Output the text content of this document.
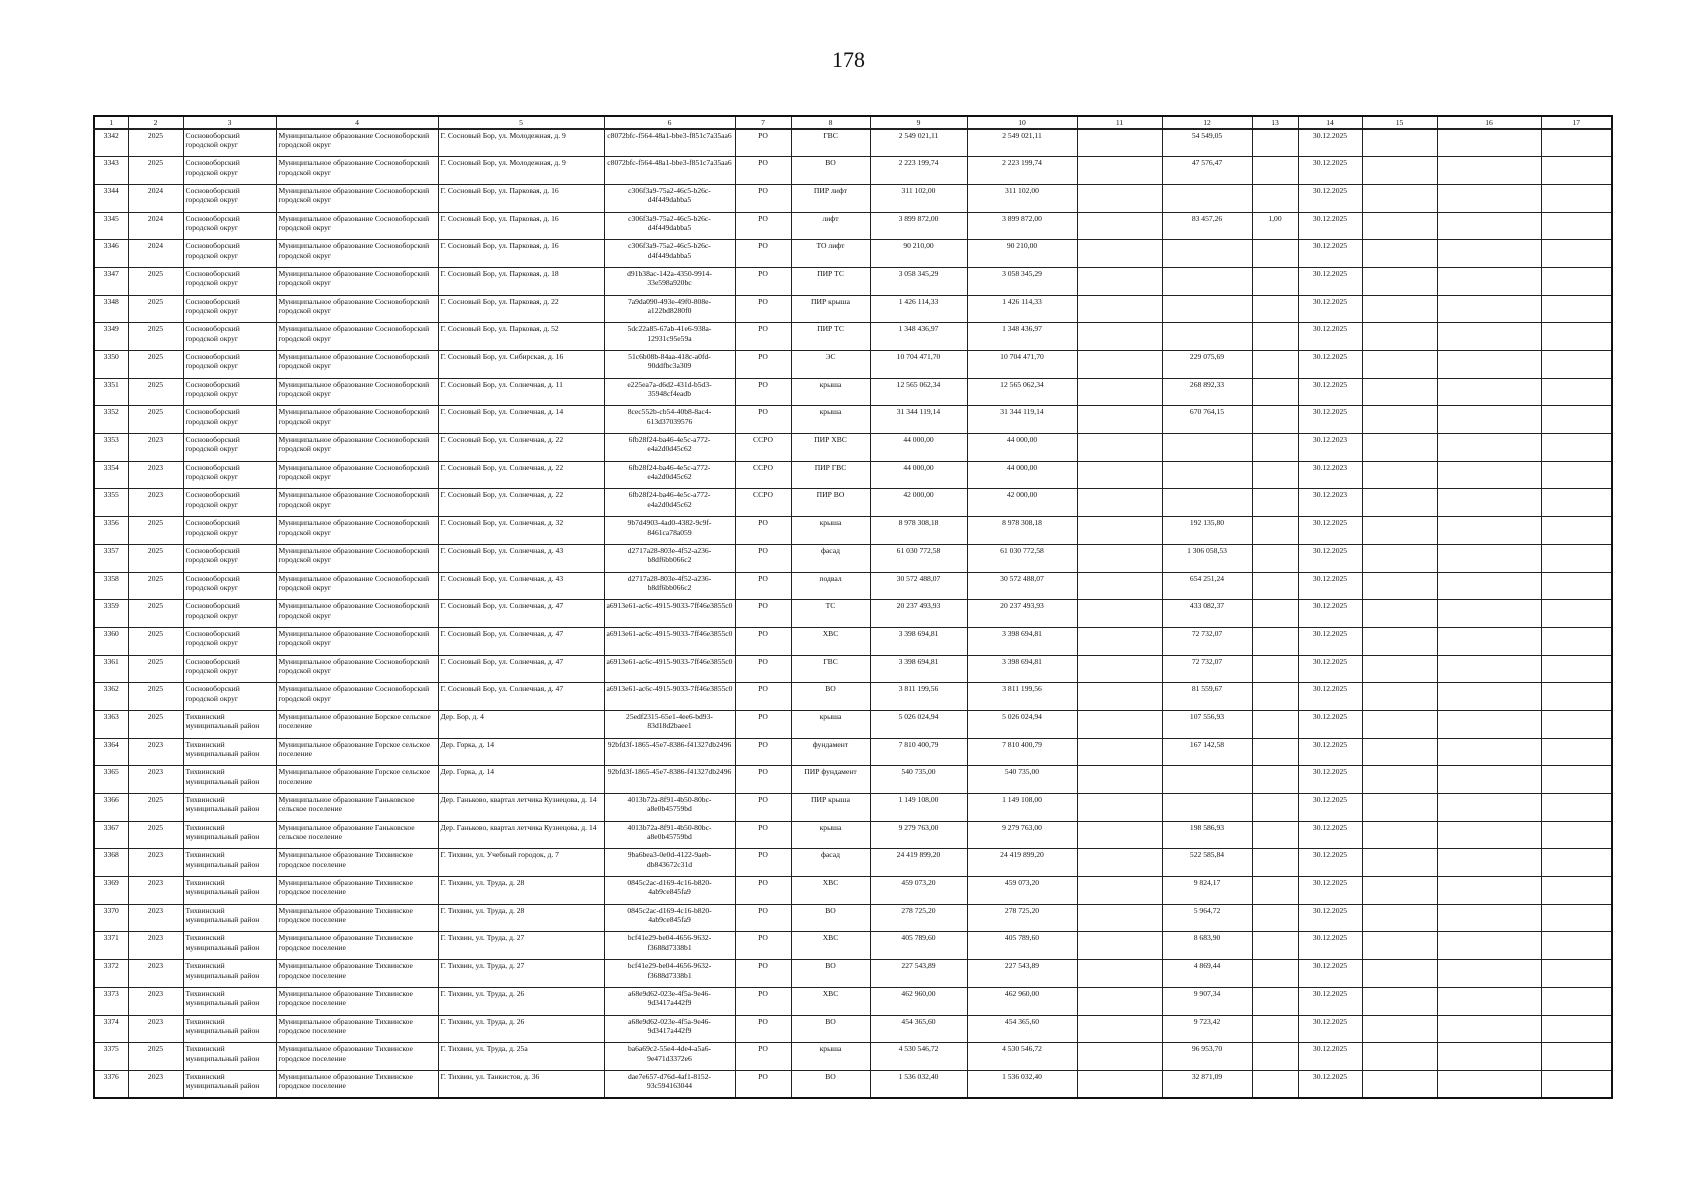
178
1	2	3	4	5	6	7	8	9	10	11	12	13	14	15	16	17
3342	2025	Сосновоборский городской округ	Муниципальное образование Сосновоборский городской округ	Г. Сосновый Бор, ул. Молодежная, д. 9	c8072bfc-f564-48a1-bbe3-f851c7a35aa6	РО	ГВС	2 549 021,11	2 549 021,11		54 549,05		30.12.2025			
3343	2025	Сосновоборский городской округ	Муниципальное образование Сосновоборский городской округ	Г. Сосновый Бор, ул. Молодежная, д. 9	c8072bfc-f564-48a1-bbe3-f851c7a35aa6	РО	ВО	2 223 199,74	2 223 199,74		47 576,47		30.12.2025			
3344	2024	Сосновоборский городской округ	Муниципальное образование Сосновоборский городской округ	Г. Сосновый Бор, ул. Парковая, д. 16	c306f3a9-75a2-46c5-b26c-d4f449dabba5	РО	ПИР лифт	311 102,00	311 102,00				30.12.2025			
3345	2024	Сосновоборский городской округ	Муниципальное образование Сосновоборский городской округ	Г. Сосновый Бор, ул. Парковая, д. 16	c306f3a9-75a2-46c5-b26c-d4f449dabba5	РО	лифт	3 899 872,00	3 899 872,00		83 457,26	1,00	30.12.2025			
3346	2024	Сосновоборский городской округ	Муниципальное образование Сосновоборский городской округ	Г. Сосновый Бор, ул. Парковая, д. 16	c306f3a9-75a2-46c5-b26c-d4f449dabba5	РО	ТО лифт	90 210,00	90 210,00				30.12.2025			
3347	2025	Сосновоборский городской округ	Муниципальное образование Сосновоборский городской округ	Г. Сосновый Бор, ул. Парковая, д. 18	d91b38ac-142a-4350-9914-33e598a920bc	РО	ПИР ТС	3 058 345,29	3 058 345,29				30.12.2025			
3348	2025	Сосновоборский городской округ	Муниципальное образование Сосновоборский городской округ	Г. Сосновый Бор, ул. Парковая, д. 22	7a9da090-493e-49f0-808e-a122bd8280f0	РО	ПИР крыша	1 426 114,33	1 426 114,33				30.12.2025			
3349	2025	Сосновоборский городской округ	Муниципальное образование Сосновоборский городской округ	Г. Сосновый Бор, ул. Парковая, д. 52	5dc22a85-67ab-41e6-938a-12931c95e59a	РО	ПИР ТС	1 348 436,97	1 348 436,97				30.12.2025			
3350	2025	Сосновоборский городской округ	Муниципальное образование Сосновоборский городской округ	Г. Сосновый Бор, ул. Сибирская, д. 16	51c6b08b-84aa-418c-a0fd-90ddfbc3a309	РО	ЭС	10 704 471,70	10 704 471,70		229 075,69		30.12.2025			
3351	2025	Сосновоборский городской округ	Муниципальное образование Сосновоборский городской округ	Г. Сосновый Бор, ул. Солнечная, д. 11	e225ea7a-d6d2-431d-b5d3-35948cf4eadb	РО	крыша	12 565 062,34	12 565 062,34		268 892,33		30.12.2025			
3352	2025	Сосновоборский городской округ	Муниципальное образование Сосновоборский городской округ	Г. Сосновый Бор, ул. Солнечная, д. 14	8cec552b-cb54-40b8-8ac4-613d37039576	РО	крыша	31 344 119,14	31 344 119,14		670 764,15		30.12.2025			
3353	2023	Сосновоборский городской округ	Муниципальное образование Сосновоборский городской округ	Г. Сосновый Бор, ул. Солнечная, д. 22	6fb28f24-ba46-4e5c-a772-e4a2d0d45c62	ССРО	ПИР ХВС	44 000,00	44 000,00				30.12.2023			
3354	2023	Сосновоборский городской округ	Муниципальное образование Сосновоборский городской округ	Г. Сосновый Бор, ул. Солнечная, д. 22	6fb28f24-ba46-4e5c-a772-e4a2d0d45c62	ССРО	ПИР ГВС	44 000,00	44 000,00				30.12.2023			
3355	2023	Сосновоборский городской округ	Муниципальное образование Сосновоборский городской округ	Г. Сосновый Бор, ул. Солнечная, д. 22	6fb28f24-ba46-4e5c-a772-e4a2d0d45c62	ССРО	ПИР ВО	42 000,00	42 000,00				30.12.2023			
3356	2025	Сосновоборский городской округ	Муниципальное образование Сосновоборский городской округ	Г. Сосновый Бор, ул. Солнечная, д. 32	9b7d4903-4ad0-4382-9c9f-8461ca78a059	РО	крыша	8 978 308,18	8 978 308,18		192 135,80		30.12.2025			
3357	2025	Сосновоборский городской округ	Муниципальное образование Сосновоборский городской округ	Г. Сосновый Бор, ул. Солнечная, д. 43	d2717a28-803e-4f52-a236-b8df6bb066c2	РО	фасад	61 030 772,58	61 030 772,58		1 306 058,53		30.12.2025			
3358	2025	Сосновоборский городской округ	Муниципальное образование Сосновоборский городской округ	Г. Сосновый Бор, ул. Солнечная, д. 43	d2717a28-803e-4f52-a236-b8df6bb066c2	РО	подвал	30 572 488,07	30 572 488,07		654 251,24		30.12.2025			
3359	2025	Сосновоборский городской округ	Муниципальное образование Сосновоборский городской округ	Г. Сосновый Бор, ул. Солнечная, д. 47	a6913e61-ac6c-4915-9033-7ff46e3855c0	РО	ТС	20 237 493,93	20 237 493,93		433 082,37		30.12.2025			
3360	2025	Сосновоборский городской округ	Муниципальное образование Сосновоборский городской округ	Г. Сосновый Бор, ул. Солнечная, д. 47	a6913e61-ac6c-4915-9033-7ff46e3855c0	РО	ХВС	3 398 694,81	3 398 694,81		72 732,07		30.12.2025			
3361	2025	Сосновоборский городской округ	Муниципальное образование Сосновоборский городской округ	Г. Сосновый Бор, ул. Солнечная, д. 47	a6913e61-ac6c-4915-9033-7ff46e3855c0	РО	ГВС	3 398 694,81	3 398 694,81		72 732,07		30.12.2025			
3362	2025	Сосновоборский городской округ	Муниципальное образование Сосновоборский городской округ	Г. Сосновый Бор, ул. Солнечная, д. 47	a6913e61-ac6c-4915-9033-7ff46e3855c0	РО	ВО	3 811 199,56	3 811 199,56		81 559,67		30.12.2025			
3363	2025	Тихвинский муниципальный район	Муниципальное образование Борское сельское поселение	Дер. Бор, д. 4	25edf2315-65e1-4ee6-bd93-83d18d2baee1	РО	крыша	5 026 024,94	5 026 024,94		107 556,93		30.12.2025			
3364	2023	Тихвинский муниципальный район	Муниципальное образование Горское сельское поселение	Дер. Горка, д. 14	92bfd3f-1865-45e7-8386-f41327db2496	РО	фундамент	7 810 400,79	7 810 400,79		167 142,58		30.12.2025			
3365	2023	Тихвинский муниципальный район	Муниципальное образование Горское сельское поселение	Дер. Горка, д. 14	92bfd3f-1865-45e7-8386-f41327db2496	РО	ПИР фундамент	540 735,00	540 735,00				30.12.2025			
3366	2025	Тихвинский муниципальный район	Муниципальное образование Ганьковское сельское поселение	Дер. Ганьково, квартал летчика Кузнецова, д. 14	4013b72a-8f91-4b50-80bc-a8e0b45759bd	РО	ПИР крыша	1 149 108,00	1 149 108,00				30.12.2025			
3367	2025	Тихвинский муниципальный район	Муниципальное образование Ганьковское сельское поселение	Дер. Ганьково, квартал летчика Кузнецова, д. 14	4013b72a-8f91-4b50-80bc-a8e0b45759bd	РО	крыша	9 279 763,00	9 279 763,00		198 586,93		30.12.2025			
3368	2023	Тихвинский муниципальный район	Муниципальное образование Тихвинское городское поселение	Г. Тихвин, ул. Учебный городок, д. 7	9ba6bea3-0e0d-4122-9aeb-db843672c31d	РО	фасад	24 419 899,20	24 419 899,20		522 585,84		30.12.2025			
3369	2023	Тихвинский муниципальный район	Муниципальное образование Тихвинское городское поселение	Г. Тихвин, ул. Труда, д. 28	0845c2ac-d169-4c16-b820-4ab9ce845fa9	РО	ХВС	459 073,20	459 073,20		9 824,17		30.12.2025			
3370	2023	Тихвинский муниципальный район	Муниципальное образование Тихвинское городское поселение	Г. Тихвин, ул. Труда, д. 28	0845c2ac-d169-4c16-b820-4ab9ce845fa9	РО	ВО	278 725,20	278 725,20		5 964,72		30.12.2025			
3371	2023	Тихвинский муниципальный район	Муниципальное образование Тихвинское городское поселение	Г. Тихвин, ул. Труда, д. 27	bcf41e29-be04-4656-9632-f3688d7338b1	РО	ХВС	405 789,60	405 789,60		8 683,90		30.12.2025			
3372	2023	Тихвинский муниципальный район	Муниципальное образование Тихвинское городское поселение	Г. Тихвин, ул. Труда, д. 27	bcf41e29-be04-4656-9632-f3688d7338b1	РО	ВО	227 543,89	227 543,89		4 869,44		30.12.2025			
3373	2023	Тихвинский муниципальный район	Муниципальное образование Тихвинское городское поселение	Г. Тихвин, ул. Труда, д. 26	a68e9d62-023e-4f5a-9e46-9d3417a442f9	РО	ХВС	462 960,00	462 960,00		9 907,34		30.12.2025			
3374	2023	Тихвинский муниципальный район	Муниципальное образование Тихвинское городское поселение	Г. Тихвин, ул. Труда, д. 26	a68e9d62-023e-4f5a-9e46-9d3417a442f9	РО	ВО	454 365,60	454 365,60		9 723,42		30.12.2025			
3375	2025	Тихвинский муниципальный район	Муниципальное образование Тихвинское городское поселение	Г. Тихвин, ул. Труда, д. 25а	ba6a69c2-55e4-4de4-a5a6-9e471d3372e6	РО	крыша	4 530 546,72	4 530 546,72		96 953,70		30.12.2025			
3376	2023	Тихвинский муниципальный район	Муниципальное образование Тихвинское городское поселение	Г. Тихвин, ул. Танкистов, д. 36	dae7e657-d76d-4af1-8152-93c594163044	РО	ВО	1 536 032,40	1 536 032,40		32 871,09		30.12.2025			
